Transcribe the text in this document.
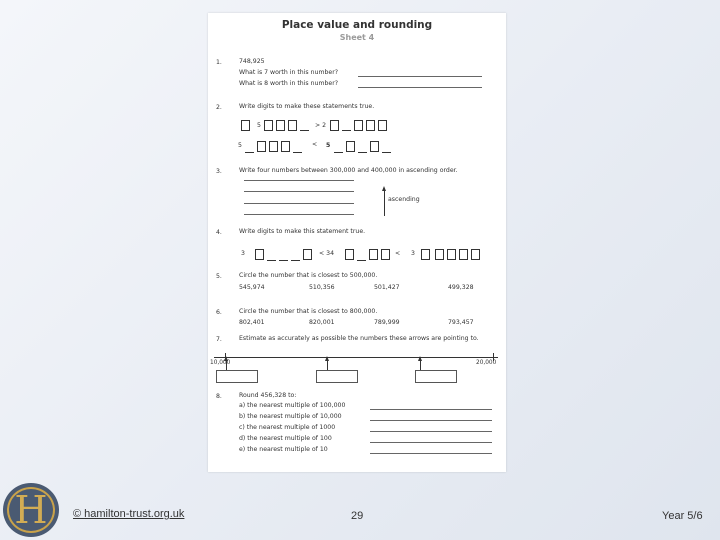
Place value and rounding
Sheet 4
1.	748,925
What is 7 worth in this number?
What is 8 worth in this number?
2.	Write digits to make these statements true.
5	> 2
5	< 5
3.	Write four numbers between 300,000 and 400,000 in ascending order.
ascending
4.	Write digits to make this statement true.
3	< 34	< 3
5.	Circle the number that is closest to 500,000.
545,974	510,356	501,427	499,328
6.	Circle the number that is closest to 800,000.
802,401	820,001	789,999	793,457
7.	Estimate as accurately as possible the numbers these arrows are pointing to.
10,000	20,000
8.	Round 456,328 to:
a) the nearest multiple of 100,000
b) the nearest multiple of 10,000
c) the nearest multiple of 1000
d) the nearest multiple of 100
e) the nearest multiple of 10
H	© hamilton-trust.org.uk	29	Year 5/6
